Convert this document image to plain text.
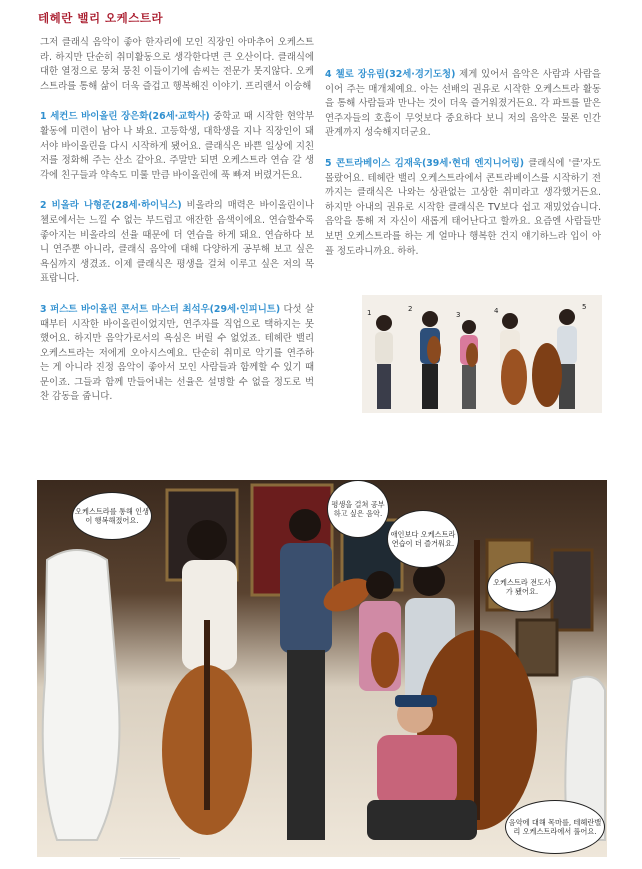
테헤란 밸리 오케스트라

그저 클래식 음악이 좋아 한자리에 모인 직장인 아마추어 오케스트라. 하지만 단순히 취미활동으로 생각한다면 큰 오산이다. 클래식에 대한 열정으로 뭉쳐 뭉친 이들이기에 솜씨는 전문가 못지않다. 오케스트라를 통해 삶이 더욱 즐겁고 행복해진 이야기. 프리랜서 이승해

1 세컨드 바이올린 장은화(26세·교학사) 중학교 때 시작한 현악부 활동에 미련이 남아 나 봐요. 고등학생, 대학생을 지나 직장인이 돼서야 바이올린을 다시 시작하게 됐어요. 클래식은 바쁜 일상에 지친 저를 정화해 주는 산소 같아요. 주말만 되면 오케스트라 연습 갈 생각에 친구들과 약속도 미룰 만큼 바이올린에 푹 빠져 버렸거든요.

2 비올라 나형준(28세·하이닉스) 비올라의 매력은 바이올린이나 첼로에서는 느낄 수 없는 부드럽고 애잔한 음색이에요. 연습할수록 좋아지는 비올라의 선율 때문에 더 연습을 하게 돼요. 연습하다 보니 연주뿐 아니라, 클래식 음악에 대해 다양하게 공부해 보고 싶은 욕심까지 생겼죠. 이제 클래식은 평생을 걸쳐 이루고 싶은 저의 목표랍니다.

3 퍼스트 바이올린 콘서트 마스터 최석우(29세·인피니트) 다섯 살 때부터 시작한 바이올린이었지만, 연주자를 직업으로 택하지는 못했어요. 하지만 음악가로서의 욕심은 버릴 수 없었죠. 테헤란 밸리 오케스트라는 저에게 오아시스예요. 단순히 취미로 악기를 연주하는 게 아니라 진정 음악이 좋아서 모인 사람들과 함께할 수 있기 때문이죠. 그들과 함께 만들어내는 선율은 설명할 수 없을 정도로 벅찬 감동을 줍니다.

4 첼로 장유림(32세·경기도청) 제게 있어서 음악은 사람과 사람을 이어 주는 매개체예요. 아는 선배의 권유로 시작한 오케스트라 활동을 통해 사람들과 만나는 것이 더욱 즐거워졌거든요. 각 파트를 맡은 연주자들의 호흡이 무엇보다 중요하다 보니 저의 음악은 물론 인간관계까지 성숙해지더군요.

5 콘트라베이스 김재욱(39세·현대 엔지니어링) 클래식에 '클'자도 몰랐어요. 테헤란 밸리 오케스트라에서 콘트라베이스를 시작하기 전까지는 클래식은 나와는 상관없는 고상한 취미라고 생각했거든요. 하지만 아내의 권유로 시작한 클래식은 TV보다 쉽고 재밌었습니다. 음악을 통해 저 자신이 새롭게 태어난다고 할까요. 요즘엔 사람들만 보면 오케스트라를 하는 게 얼마나 행복한 건지 얘기하느라 입이 아플 정도라니까요. 하하.

1	2
3	4	5
오케스트라를 통해 인생이 행복해졌어요.
평생을 걸쳐 공부하고 싶은 음악.
애인보다 오케스트라 연습이 더 즐거워요.
오케스트라 전도사가 됐어요.
음악에 대해 목마를, 테헤란밸리 오케스트라에서 풀어요.
